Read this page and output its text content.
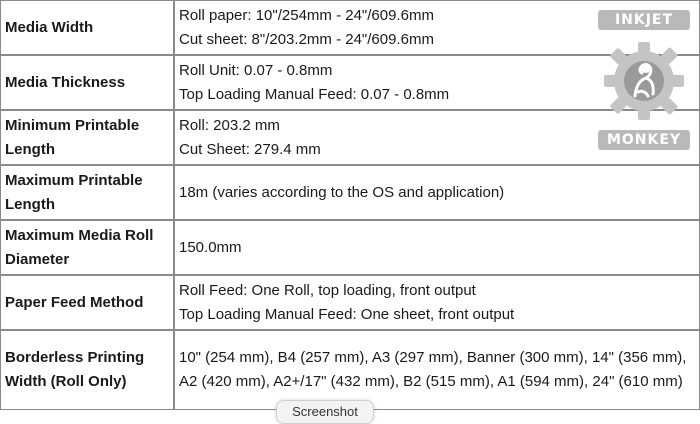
Media Width	Roll paper: 10"/254mm - 24"/609.6mm
Cut sheet: 8"/203.2mm - 24"/609.6mm

Media Thickness	Roll Unit: 0.07 - 0.8mm
Top Loading Manual Feed: 0.07 - 0.8mm

Minimum Printable Length	Roll: 203.2 mm
Cut Sheet: 279.4 mm

Maximum Printable Length	18m (varies according to the OS and application)

Maximum Media Roll Diameter	150.0mm

Paper Feed Method	Roll Feed: One Roll, top loading, front output
Top Loading Manual Feed: One sheet, front output

Borderless Printing Width (Roll Only)	10" (254 mm), B4 (257 mm), A3 (297 mm), Banner (300 mm), 14" (356 mm), A2 (420 mm), A2+/17" (432 mm), B2 (515 mm), A1 (594 mm), 24" (610 mm)
INKJET
MONKEY
Screenshot
